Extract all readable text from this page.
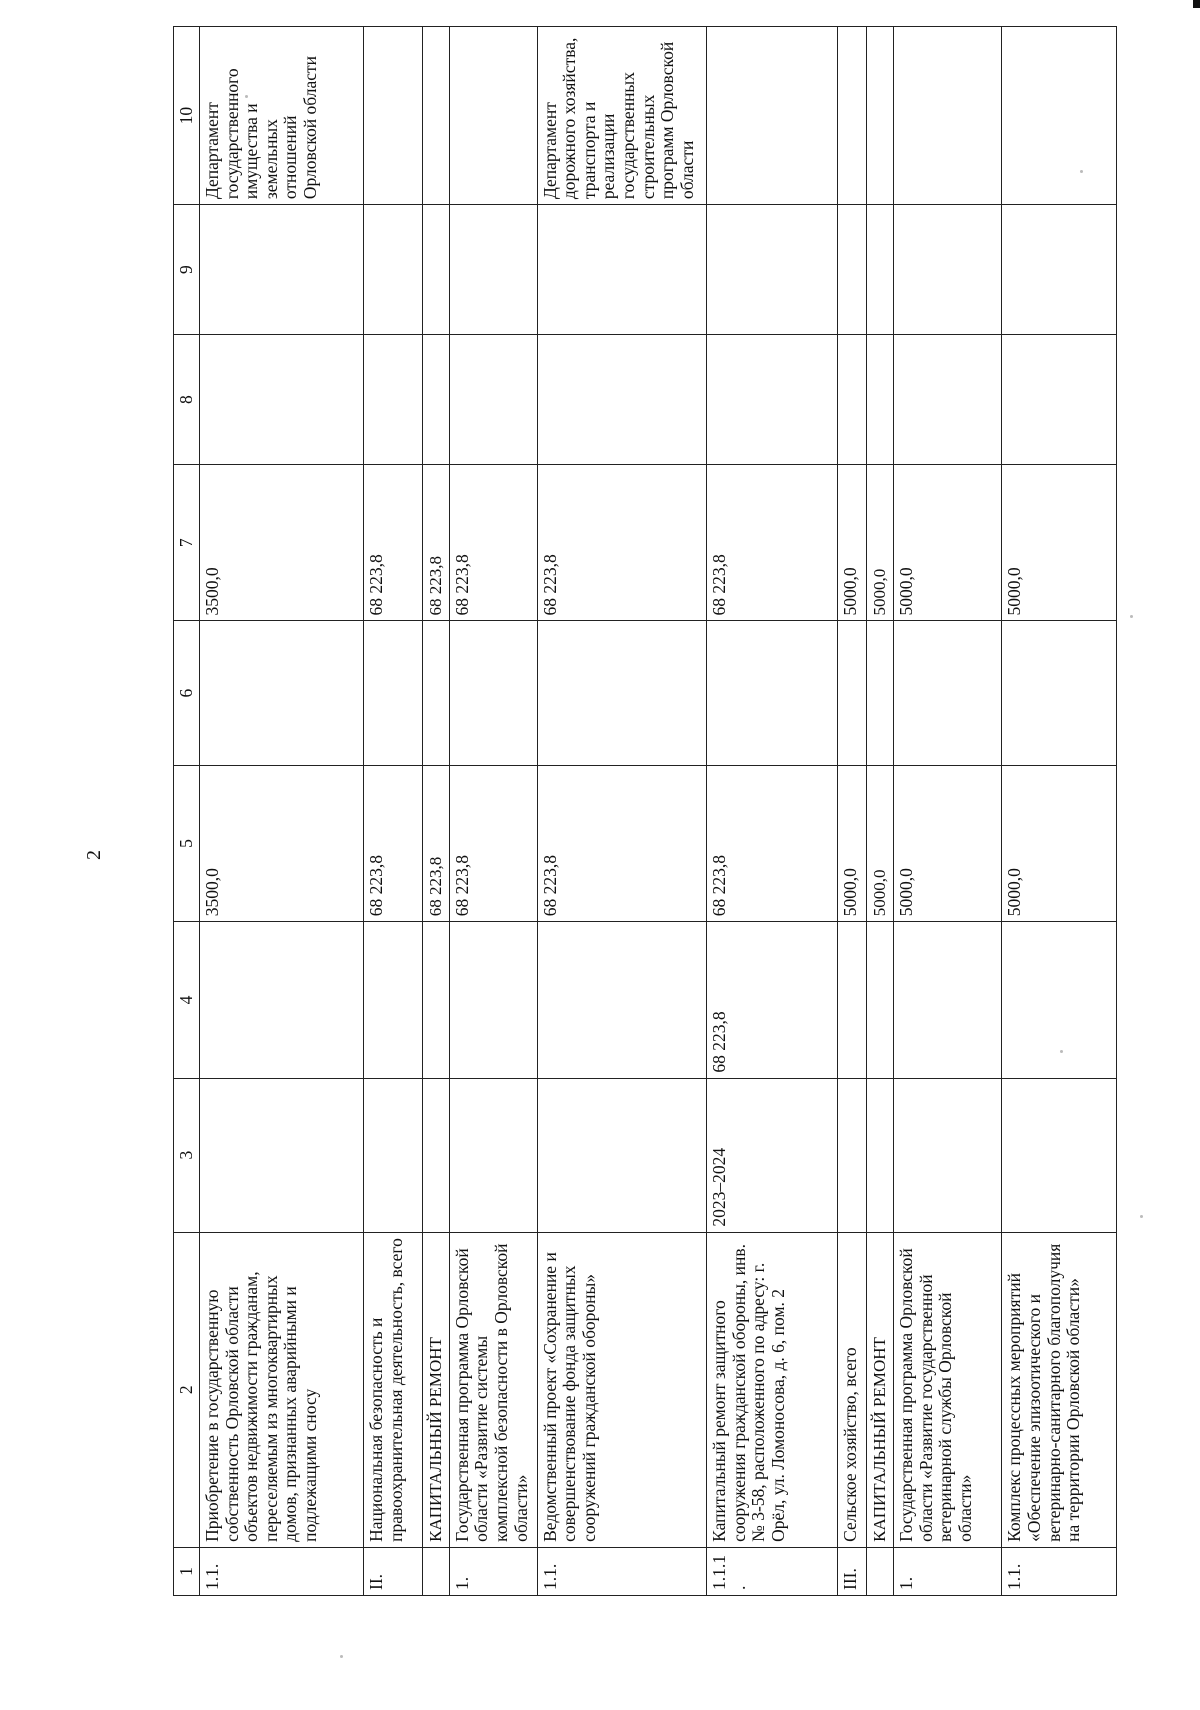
2
1	2	3	4	5	6	7	8	9	10
1.1.	Приобретение в государственную собственность Орловской области объектов недвижимости гражданам, переселяемым из многоквартирных домов, признанных аварийными и подлежащими сносу			3500,0		3500,0			Департамент государственного имущества и земельных отношений Орловской области
II.	Национальная безопасность и правоохранительная деятельность, всего			68 223,8		68 223,8			
	КАПИТАЛЬНЫЙ РЕМОНТ			68 223,8		68 223,8			
1.	Государственная программа Орловской области «Развитие системы комплексной безопасности в Орловской области»			68 223,8		68 223,8			
1.1.	Ведомственный проект «Сохранение и совершенствование фонда защитных сооружений гражданской обороны»			68 223,8		68 223,8			Департамент дорожного хозяйства, транспорта и реализации государственных строительных программ Орловской области
1.1.1.	Капитальный ремонт защитного сооружения гражданской обороны, инв. № 3-58, расположенного по адресу: г. Орёл, ул. Ломоносова, д. 6, пом. 2	2023–2024	68 223,8	68 223,8		68 223,8			
III.	Сельское хозяйство, всего			5000,0		5000,0			
	КАПИТАЛЬНЫЙ РЕМОНТ			5000,0		5000,0			
1.	Государственная программа Орловской области «Развитие государственной ветеринарной службы Орловской области»			5000,0		5000,0			
1.1.	Комплекс процессных мероприятий «Обеспечение эпизоотического и ветеринарно-санитарного благополучия на территории Орловской области»			5000,0		5000,0			
